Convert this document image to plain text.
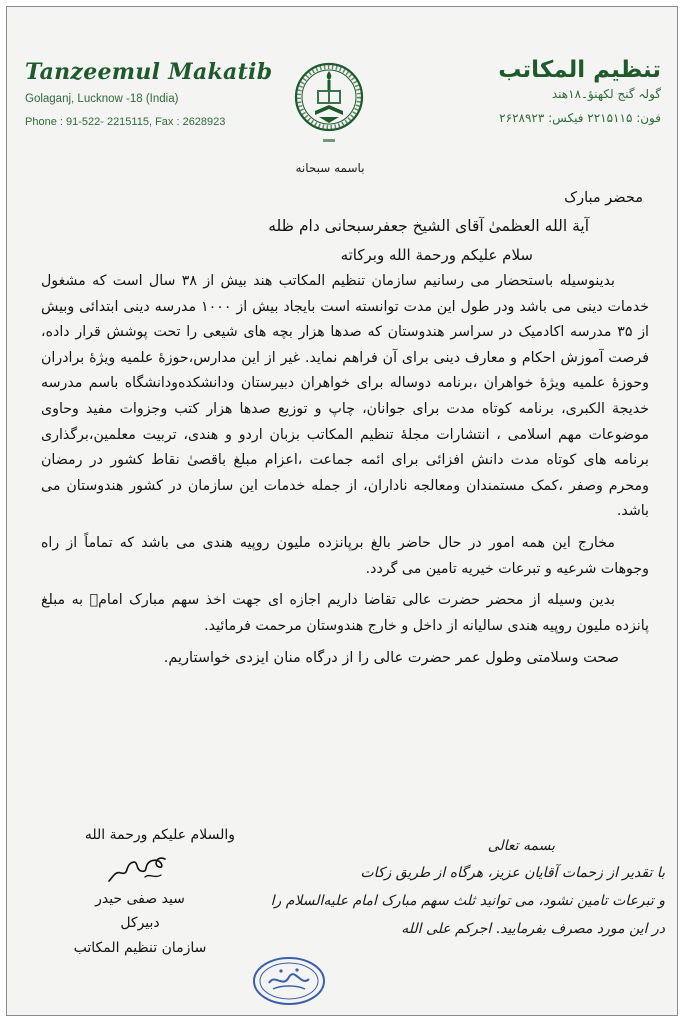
Tanzeemul Makatib
Golaganj, Lucknow -18 (India)
Phone : 91-522- 2215115, Fax : 2628923
تنظیم المکاتب
گولہ گنج لکھنؤ۔۱۸ھند
فون: ۲۲۱۵۱۱۵ فیکس: ۲۶۲۸۹۲۳
باسمه سبحانه
محضر مبارک
آیة الله العظمیٰ آقای الشیخ جعفرسبحانی دام ظله
سلام علیکم ورحمة الله وبرکاته

بدینوسیله باستحضار می رسانیم سازمان تنظیم المکاتب هند بیش از ۳۸ سال است که مشغول خدمات دینی می باشد ودر طول این مدت توانسته است بایجاد بیش از ۱۰۰۰ مدرسه دینی ابتدائی وبیش از ۳۵ مدرسه اکادمیک در سراسر هندوستان که صدها هزار بچه های شیعی را تحت پوشش قرار داده، فرصت آموزش احکام و معارف دینی برای آن فراهم نماید. غیر از این مدارس،حوزهٔ علمیه ویژهٔ برادران وحوزهٔ علمیه ویژهٔ خواهران ،برنامه دوساله برای خواهران دبیرستان ودانشکده‌ودانشگاه باسم مدرسه خدیجة الکبری، برنامه کوتاه مدت برای جوانان، چاپ و توزیع صدها هزار کتب وجزوات مفید وحاوی موضوعات مهم اسلامی ، انتشارات مجلهٔ تنظیم المکاتب بزبان اردو و هندی، تربیت معلمین،برگذاری برنامه های کوتاه مدت دانش افزائی برای ائمه جماعت ،اعزام مبلغ باقصیٰ نقاط کشور در رمضان ومحرم وصفر ،کمک مستمندان ومعالجه ناداران، از جمله خدمات این سازمان در کشور هندوستان می باشد.

مخارج این همه امور در حال حاضر بالغ برپانزده ملیون روپیه هندی می باشد که تماماً از راه وجوهات شرعیه و تبرعات خیریه تامین می گردد.

بدین وسیله از محضر حضرت عالی تقاضا داریم اجازه ای جهت اخذ سهم مبارک امامؑ به مبلغ پانزده ملیون روپیه هندی سالیانه از داخل و خارج هندوستان مرحمت فرمائید.

صحت وسلامتی وطول عمر حضرت عالی را از درگاه منان ایزدی خواستاریم.
والسلام علیکم ورحمة الله
سید صفی حیدر
دبیرکل
سازمان تنظیم المکاتب
بسمه تعالی
با تقدیر از زحمات آقایان عزیز، هرگاه از طریق زکات
و تبرعات تامین نشود، می توانید ثلث سهم مبارک امام علیه‌السلام را
در این مورد مصرف بفرمایید. اجرکم علی الله
